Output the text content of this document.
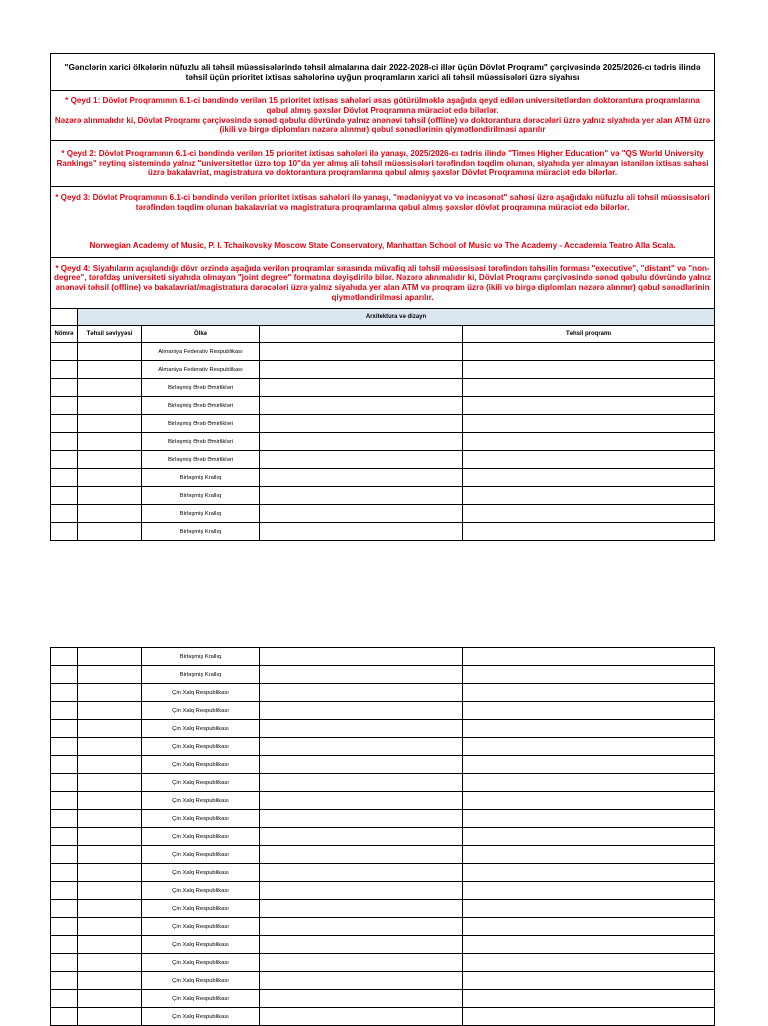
"Gənclərin xarici ölkələrin nüfuzlu ali təhsil müəssisələrində təhsil almalarına dair 2022-2028-ci illər üçün Dövlət Proqramı" çərçivəsində 2025/2026-cı tədris ilində təhsil üçün prioritet ixtisas sahələrinə uyğun proqramların xarici ali təhsil müəssisələri üzrə siyahısı				

* Qeyd 1: Dövlət Proqramının 6.1-ci bəndində verilən 15 prioritet ixtisas sahələri əsas götürülməklə aşağıda qeyd edilən universitetlərdən doktorantura proqramlarına qəbul almış şəxslər Dövlət Proqramına müraciət edə bilərlər.
Nəzərə alınmalıdır ki, Dövlət Proqramı çərçivəsində sənəd qəbulu dövründə yalnız ənənəvi təhsil (offline) və doktorantura dərəcələri üzrə yalnız siyahıda yer alan ATM üzrə (ikili və birgə diplomları nəzərə alınmır) qəbul sənədlərinin qiymətləndirilməsi aparılır				

* Qeyd 2: Dövlət Proqramının 6.1-ci bəndində verilən 15 prioritet ixtisas sahələri ilə yanaşı, 2025/2026-cı tədris ilində "Times Higher Education" və "QS World University Rankings" reytinq sistemində yalnız "universitetlər üzrə top 10"da yer almış ali təhsil müəssisələri tərəfindən təqdim olunan, siyahıda yer almayan istənilən ixtisas sahəsi üzrə bakalavriat, magistratura və doktorantura proqramlarına qəbul almış şəxslər Dövlət Proqramına müraciət edə bilərlər.				

* Qeyd 3: Dövlət Proqramının 6.1-ci bəndində verilən prioritet ixtisas sahələri ilə yanaşı, "mədəniyyət və və incəsənət" sahəsi üzrə aşağıdakı nüfuzlu ali təhsil müəssisələri tərəfindən təqdim olunan bakalavriat və magistratura proqramlarına qəbul almış şəxslər dövlət proqramına müraciət edə bilərlər.
Norwegian Academy of Music, P. I. Tchaikovsky Moscow State Conservatory, Manhattan School of Music və The Academy - Accademia Teatro Alla Scala.				

* Qeyd 4: Siyahıların açıqlandığı dövr ərzində aşağıda verilən proqramlar sırasında müvafiq ali təhsil müəssisəsi tərəfindən təhsilin forması "executive", "distant" və "non-degree", tərəfdaş universiteti siyahıda olmayan "joint degree" formatına dəyişdirilə bilər. Nəzərə alınmalıdır ki, Dövlət Proqramı çərçivəsində sənəd qəbulu dövründə yalnız ənənəvi təhsil (offline) və bakalavriat/magistratura dərəcələri üzrə yalnız siyahıda yer alan ATM və proqram üzrə (ikili və birgə diplomları nəzərə alınmır) qəbul sənədlərinin qiymətləndirilməsi aparılır.				
	Arxitektura və dizayn			
Nömrə	Təhsil səviyyəsi	Ölkə		Təhsil proqramı
		Almaniya Federativ Respublikası		
		Almaniya Federativ Respublikası		
		Birləşmiş Ərəb Əmirlikləri		
		Birləşmiş Ərəb Əmirlikləri		
		Birləşmiş Ərəb Əmirlikləri		
		Birləşmiş Ərəb Əmirlikləri		
		Birləşmiş Ərəb Əmirlikləri		
		Birləşmiş Krallıq		
		Birləşmiş Krallıq		
		Birləşmiş Krallıq		
		Birləşmiş Krallıq		
		Birləşmiş Krallıq		
		Birləşmiş Krallıq		
		Çin Xalq Respublikası		
		Çin Xalq Respublikası		
		Çin Xalq Respublikası		
		Çin Xalq Respublikası		
		Çin Xalq Respublikası		
		Çin Xalq Respublikası		
		Çin Xalq Respublikası		
		Çin Xalq Respublikası		
		Çin Xalq Respublikası		
		Çin Xalq Respublikası		
		Çin Xalq Respublikası		
		Çin Xalq Respublikası		
		Çin Xalq Respublikası		
		Çin Xalq Respublikası		
		Çin Xalq Respublikası		
		Çin Xalq Respublikası		
		Çin Xalq Respublikası		
		Çin Xalq Respublikası		
		Çin Xalq Respublikası		
